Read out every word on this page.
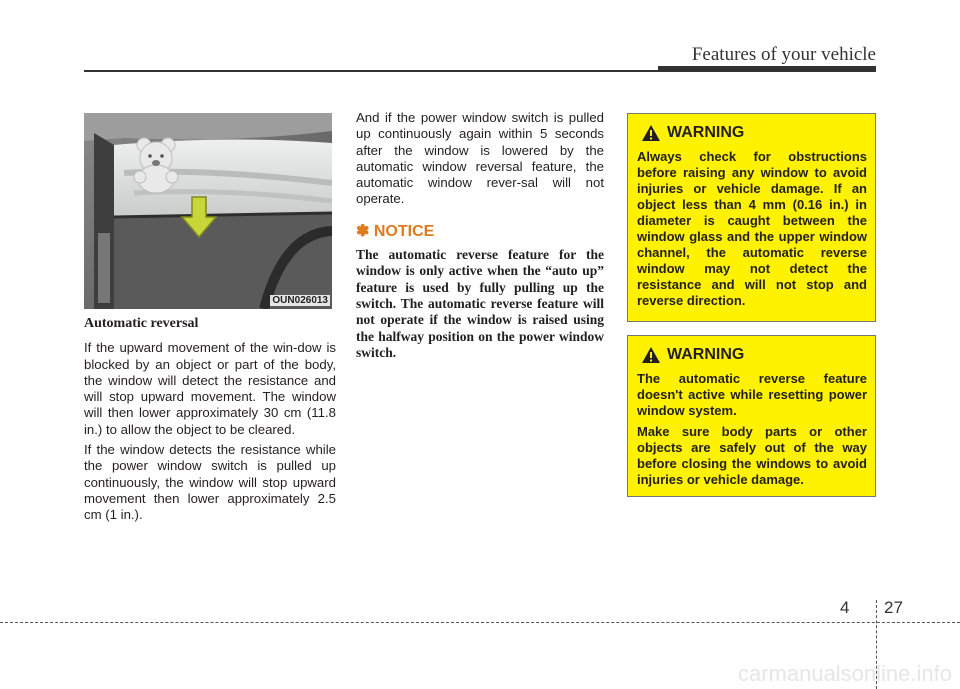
Features of your vehicle
OUN026013
Automatic reversal

If the upward movement of the win-dow is blocked by an object or part of the body, the window will detect the resistance and will stop upward movement. The window will then lower approximately 30 cm (11.8 in.) to allow the object to be cleared.

If the window detects the resistance while the power window switch is pulled up continuously, the window will stop upward movement then lower approximately 2.5 cm (1 in.).

And if the power window switch is pulled up continuously again within 5 seconds after the window is lowered by the automatic window reversal feature, the automatic window rever-sal will not operate.

✽ NOTICE
The automatic reverse feature for the window is only active when the “auto up” feature is used by fully pulling up the switch. The automatic reverse feature will not operate if the window is raised using the halfway position on the power window switch.
WARNING

Always check for obstructions before raising any window to avoid injuries or vehicle damage. If an object less than 4 mm (0.16 in.) in diameter is caught between the window glass and the upper window channel, the automatic reverse window may not detect the resistance and will not stop and reverse direction.

WARNING

The automatic reverse feature doesn't active while resetting power window system.

Make sure body parts or other objects are safely out of the way before closing the windows to avoid injuries or vehicle damage.

4 27
carmanualsonline.info
